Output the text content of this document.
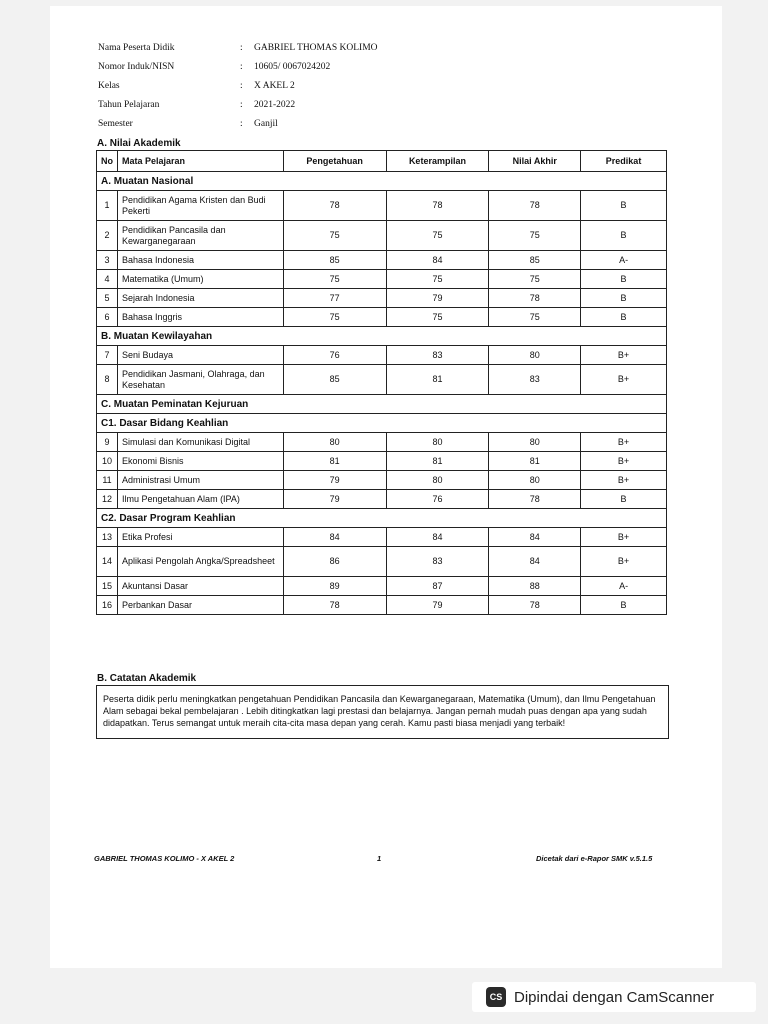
Nama Peserta Didik	:	GABRIEL THOMAS KOLIMO
Nomor Induk/NISN	:	10605/ 0067024202
Kelas	:	X AKEL 2
Tahun Pelajaran	:	2021-2022
Semester	:	Ganjil
A. Nilai Akademik
No	Mata Pelajaran	Pengetahuan	Keterampilan	Nilai Akhir	Predikat
A. Muatan Nasional					
1	Pendidikan Agama Kristen dan Budi Pekerti	78	78	78	B
2	Pendidikan Pancasila dan Kewarganegaraan	75	75	75	B
3	Bahasa Indonesia	85	84	85	A-
4	Matematika (Umum)	75	75	75	B
5	Sejarah Indonesia	77	79	78	B
6	Bahasa Inggris	75	75	75	B
B. Muatan Kewilayahan					
7	Seni Budaya	76	83	80	B+
8	Pendidikan Jasmani, Olahraga, dan Kesehatan	85	81	83	B+
C. Muatan Peminatan Kejuruan					
C1. Dasar Bidang Keahlian					
9	Simulasi dan Komunikasi Digital	80	80	80	B+
10	Ekonomi Bisnis	81	81	81	B+
11	Administrasi Umum	79	80	80	B+
12	Ilmu Pengetahuan Alam (IPA)	79	76	78	B
C2. Dasar Program Keahlian					
13	Etika Profesi	84	84	84	B+
14	Aplikasi Pengolah Angka/Spreadsheet	86	83	84	B+
15	Akuntansi Dasar	89	87	88	A-
16	Perbankan Dasar	78	79	78	B
B. Catatan Akademik
Peserta didik perlu meningkatkan pengetahuan Pendidikan Pancasila dan Kewarganegaraan, Matematika (Umum), dan Ilmu Pengetahuan Alam sebagai bekal pembelajaran . Lebih ditingkatkan lagi prestasi dan belajarnya. Jangan pernah mudah puas dengan apa yang sudah didapatkan. Terus semangat untuk meraih cita-cita masa depan yang cerah. Kamu pasti biasa menjadi yang terbaik!
GABRIEL THOMAS KOLIMO - X AKEL 2	1	Dicetak dari e-Rapor SMK v.5.1.5
CS Dipindai dengan CamScanner
